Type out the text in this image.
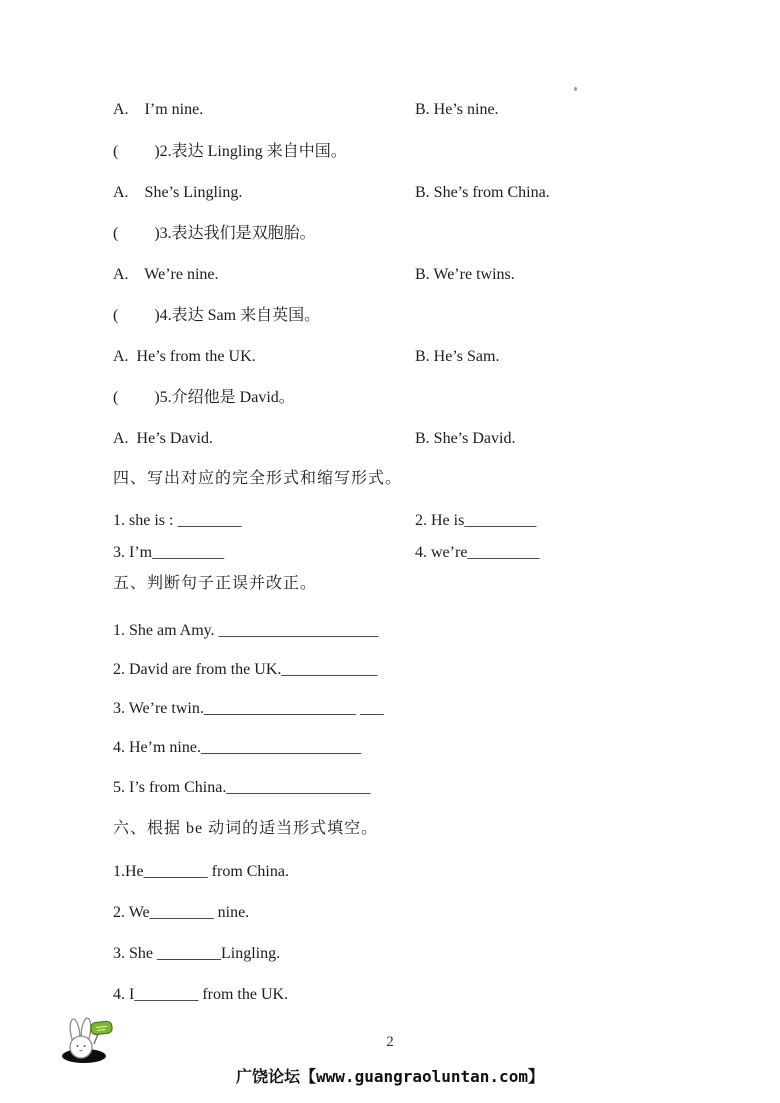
A.    I’m nine.	B. He’s nine.
(         )2.表达 Lingling 来自中国。
A.    She’s Lingling.	B. She’s from China.
(         )3.表达我们是双胞胎。
A.    We’re nine.	B. We’re twins.
(         )4.表达 Sam 来自英国。
A.  He’s from the UK.	B. He’s Sam.
(         )5.介绍他是 David。
A.  He’s David.	B. She’s David.
四、写出对应的完全形式和缩写形式。
1. she is : ________	2. He is_________
3. I’m_________	4. we’re_________
五、判断句子正误并改正。
1. She am Amy. ____________________
2. David are from the UK.____________
3. We’re twin.___________________ ___
4. He’m nine.____________________
5. I’s from China.__________________
六、根据 be 动词的适当形式填空。
1.He________ from China.
2. We________ nine.
3. She ________Lingling.
4. I________ from the UK.
2
广饶论坛【www.guangraoluntan.com】
